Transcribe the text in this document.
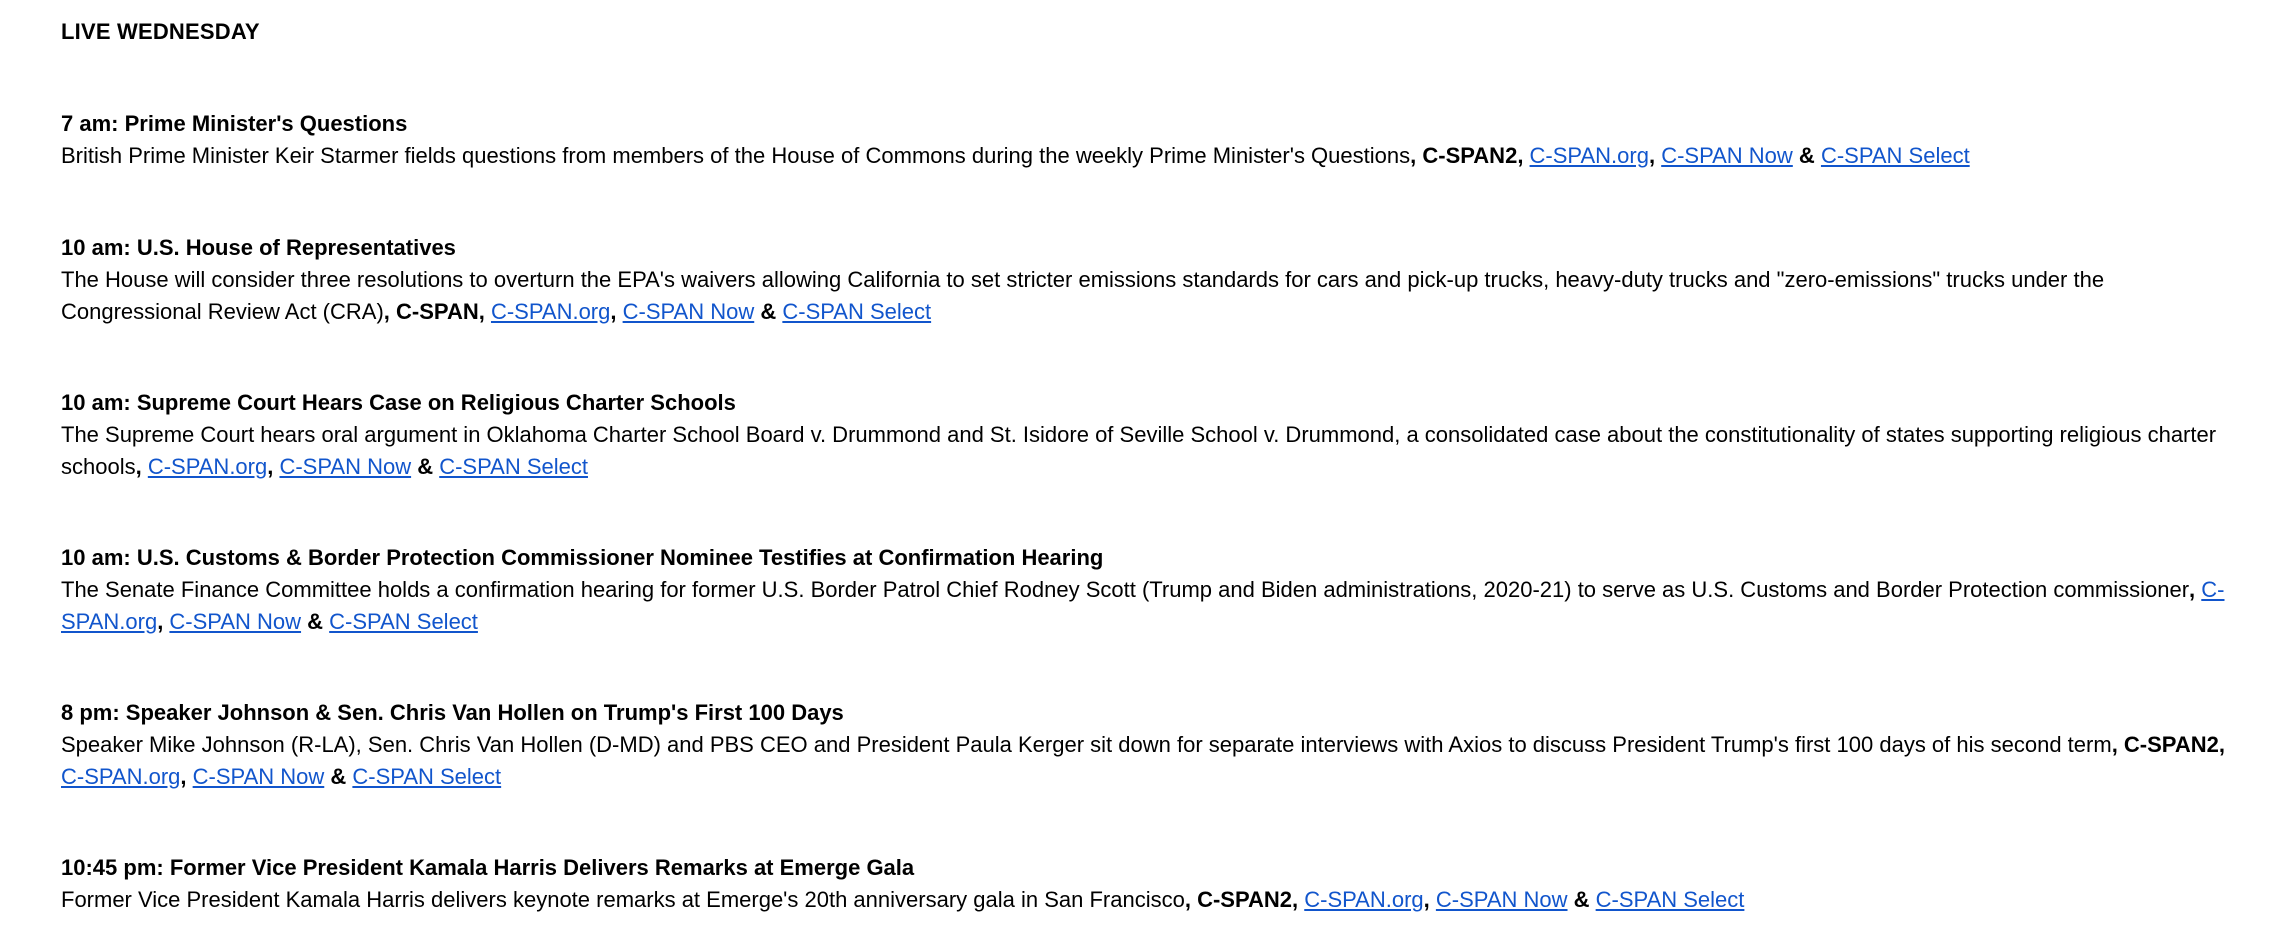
LIVE WEDNESDAY
7 am: Prime Minister's Questions
British Prime Minister Keir Starmer fields questions from members of the House of Commons during the weekly Prime Minister's Questions, C-SPAN2, C-SPAN.org, C-SPAN Now & C-SPAN Select
10 am: U.S. House of Representatives
The House will consider three resolutions to overturn the EPA's waivers allowing California to set stricter emissions standards for cars and pick-up trucks, heavy-duty trucks and "zero-emissions" trucks under the Congressional Review Act (CRA), C-SPAN, C-SPAN.org, C-SPAN Now & C-SPAN Select
10 am: Supreme Court Hears Case on Religious Charter Schools
The Supreme Court hears oral argument in Oklahoma Charter School Board v. Drummond and St. Isidore of Seville School v. Drummond, a consolidated case about the constitutionality of states supporting religious charter schools, C-SPAN.org, C-SPAN Now & C-SPAN Select
10 am: U.S. Customs & Border Protection Commissioner Nominee Testifies at Confirmation Hearing
The Senate Finance Committee holds a confirmation hearing for former U.S. Border Patrol Chief Rodney Scott (Trump and Biden administrations, 2020-21) to serve as U.S. Customs and Border Protection commissioner, C-SPAN.org, C-SPAN Now & C-SPAN Select
8 pm: Speaker Johnson & Sen. Chris Van Hollen on Trump's First 100 Days
Speaker Mike Johnson (R-LA), Sen. Chris Van Hollen (D-MD) and PBS CEO and President Paula Kerger sit down for separate interviews with Axios to discuss President Trump's first 100 days of his second term, C-SPAN2, C-SPAN.org, C-SPAN Now & C-SPAN Select
10:45 pm: Former Vice President Kamala Harris Delivers Remarks at Emerge Gala
Former Vice President Kamala Harris delivers keynote remarks at Emerge's 20th anniversary gala in San Francisco, C-SPAN2, C-SPAN.org, C-SPAN Now & C-SPAN Select
